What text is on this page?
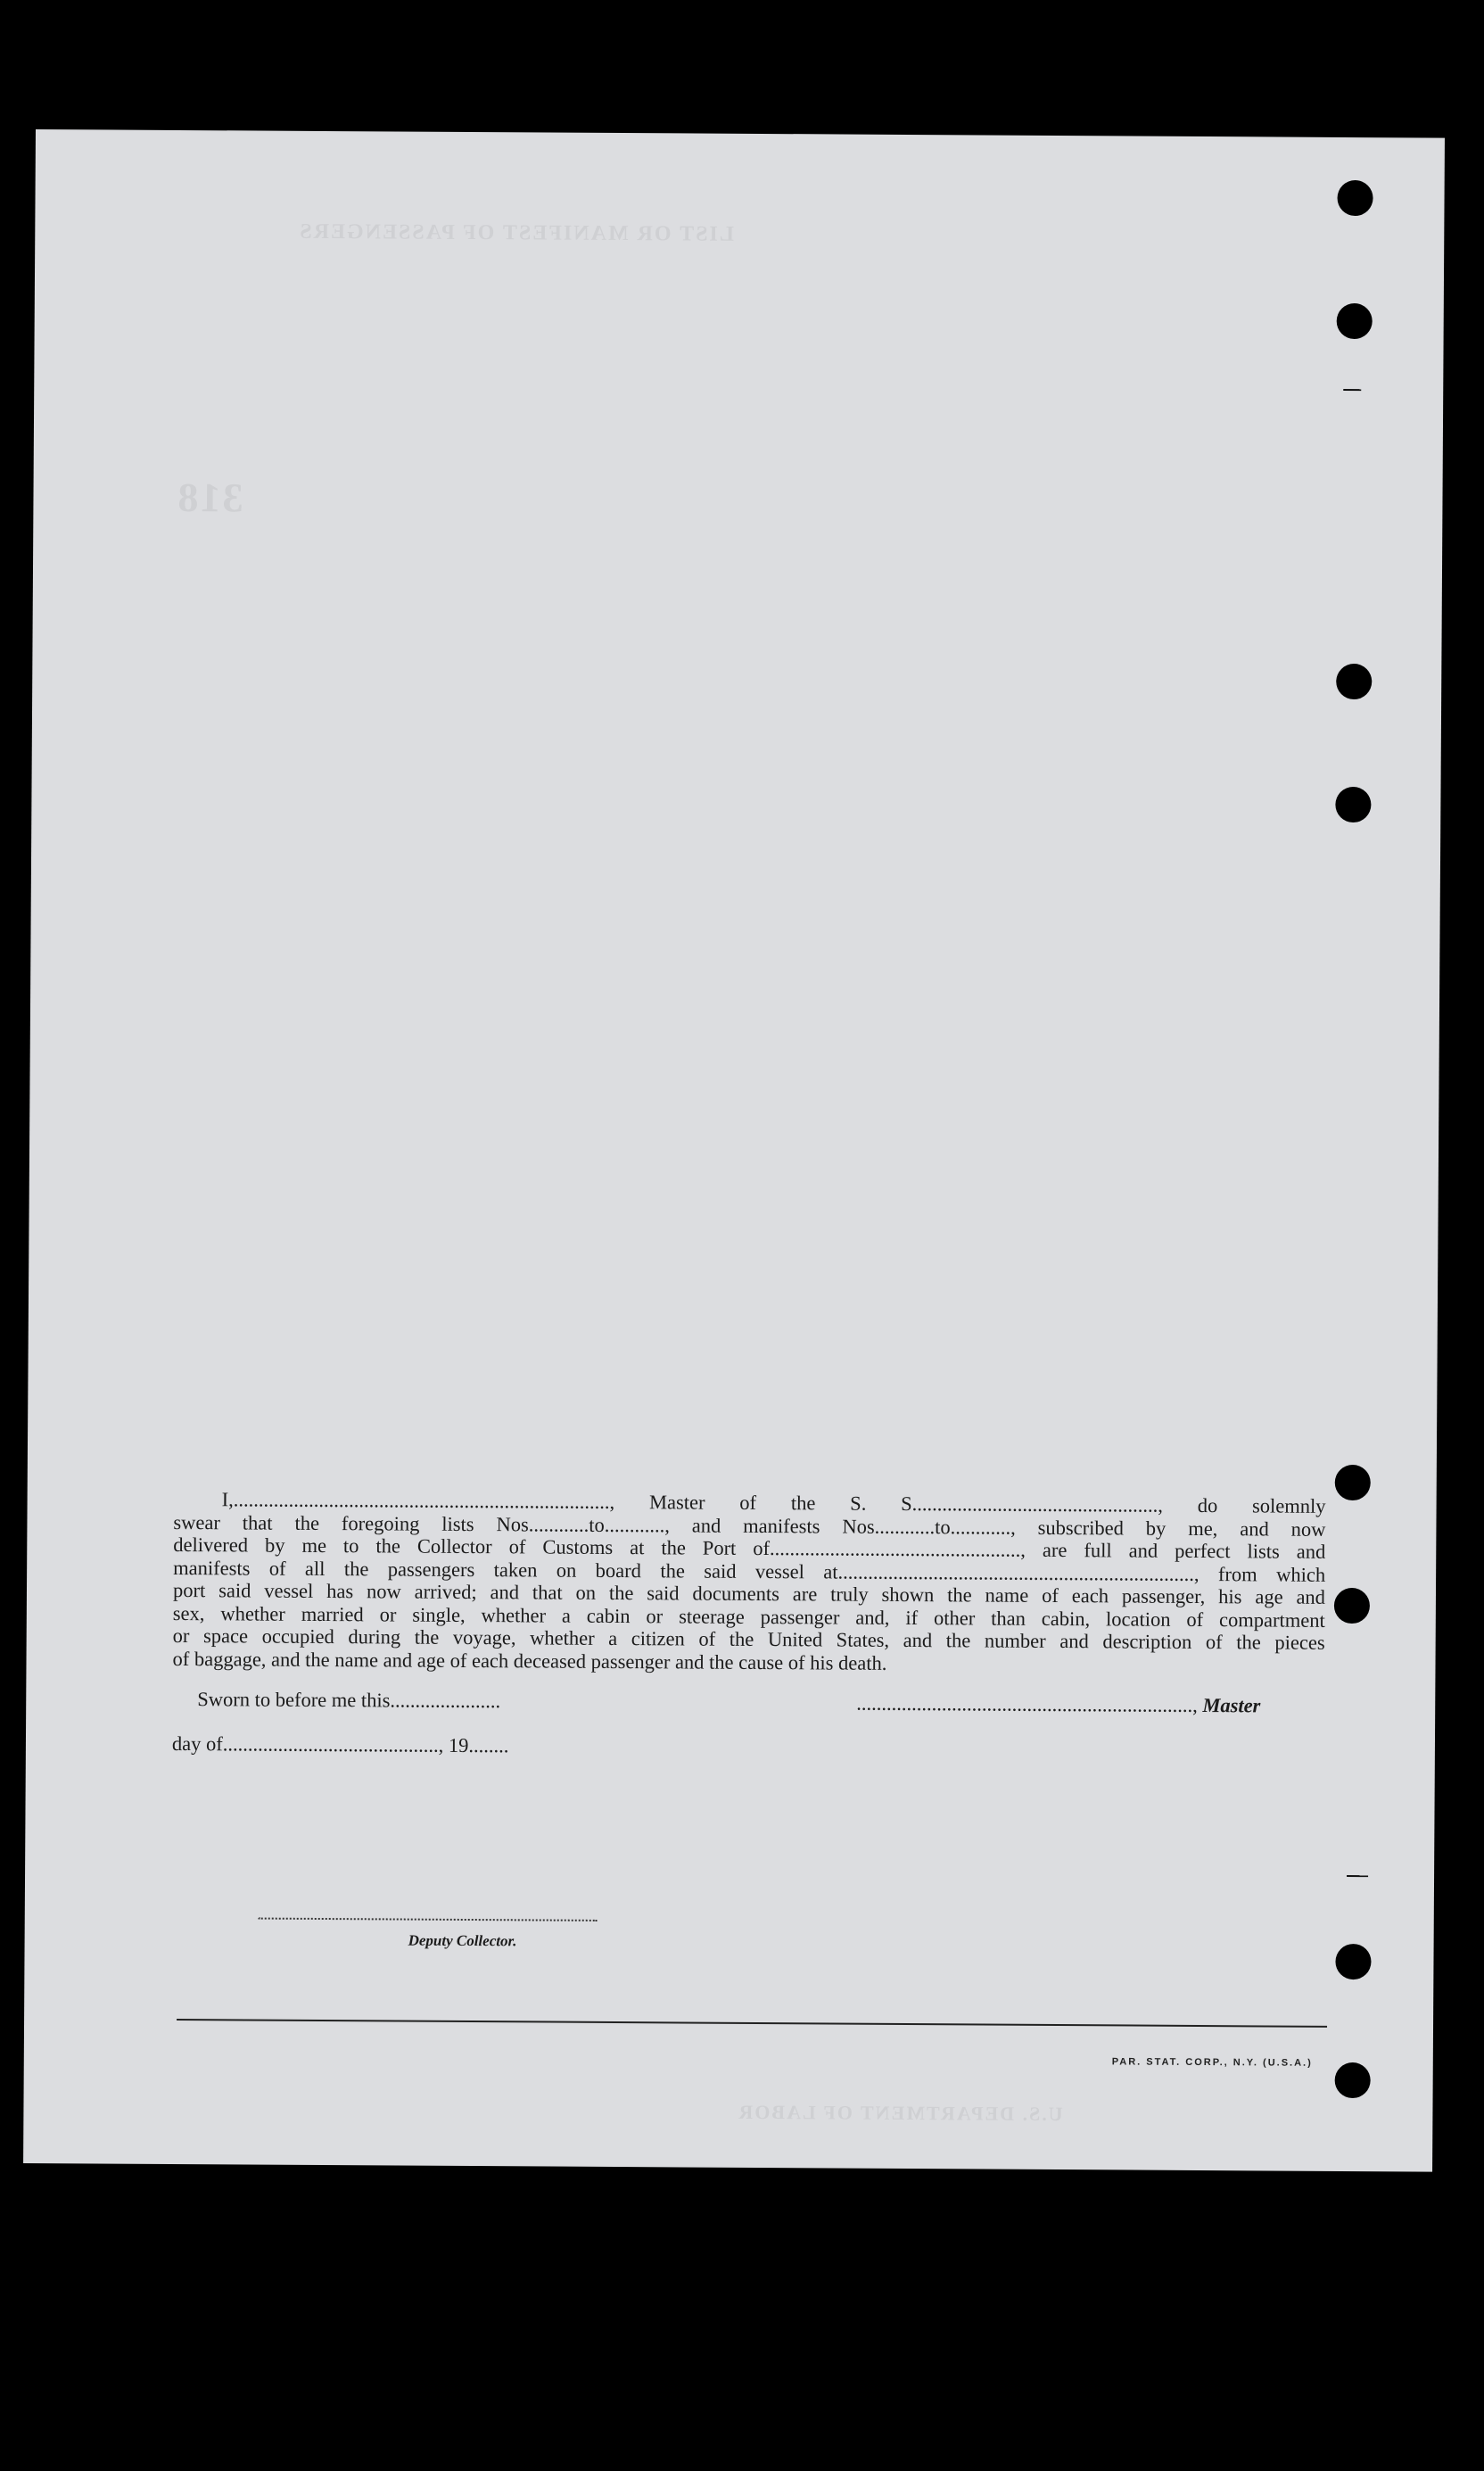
LIST OR MANIFEST OF PASSENGERS
318
U.S. DEPARTMENT OF LABOR
I,..........................................................................., Master of the S. S................................................., do solemnly
swear that the foregoing lists Nos............to............, and manifests Nos............to............, subscribed by me, and now
delivered by me to the Collector of Customs at the Port of.................................................., are full and perfect lists and
manifests of all the passengers taken on board the said vessel at......................................................................., from which
port said vessel has now arrived; and that on the said documents are truly shown the name of each passenger, his age and
sex, whether married or single, whether a cabin or steerage passenger and, if other than cabin, location of compartment
or space occupied during the voyage, whether a citizen of the United States, and the number and description of the pieces
of baggage, and the name and age of each deceased passenger and the cause of his death.
Sworn to before me this......................	..................................................................., Master
day of..........................................., 19........
Deputy Collector.
PAR. STAT. CORP., N.Y. (U.S.A.)
